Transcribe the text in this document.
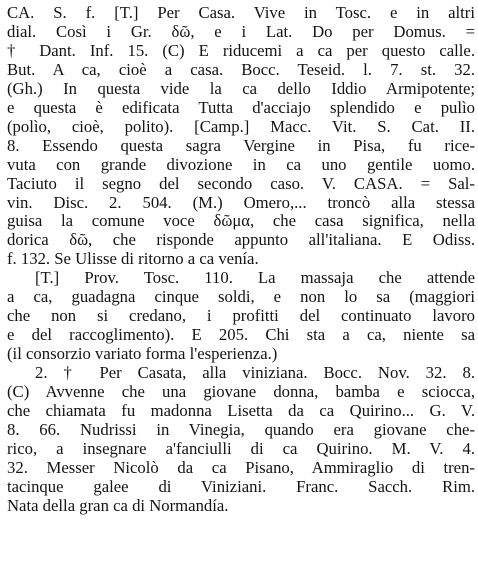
CA. S. f. [T.] Per Casa. Vive in Tosc. e in altri
dial. Così i Gr. δῶ, e i Lat. Do per Domus. =
† Dant. Inf. 15. (C) E riducemi a ca per questo calle.
But. A ca, cioè a casa. Bocc. Teseid. l. 7. st. 32.
(Gh.) In questa vide la ca dello Iddio Armipotente;
e questa è edificata Tutta d'acciajo splendido e pulìo
(polìo, cioè, polito). [Camp.] Macc. Vit. S. Cat. II.
8. Essendo questa sagra Vergine in Pisa, fu rice-
vuta con grande divozione in ca uno gentile uomo.
Taciuto il segno del secondo caso. V. CASA. = Sal-
vin. Disc. 2. 504. (M.) Omero,... troncò alla stessa
guisa la comune voce δῶμα, che casa significa, nella
dorica δῶ, che risponde appunto all'italiana. E Odiss.
f. 132. Se Ulisse di ritorno a ca venía.
[T.] Prov. Tosc. 110. La massaja che attende
a ca, guadagna cinque soldi, e non lo sa (maggiori
che non si credano, i profitti del continuato lavoro
e del raccoglimento). E 205. Chi sta a ca, niente sa
(il consorzio variato forma l'esperienza.)
2. † Per Casata, alla viniziana. Bocc. Nov. 32. 8.
(C) Avvenne che una giovane donna, bamba e sciocca,
che chiamata fu madonna Lisetta da ca Quirino... G. V.
8. 66. Nudrissi in Vinegia, quando era giovane che-
rico, a insegnare a'fanciulli di ca Quirino. M. V. 4.
32. Messer Nicolò da ca Pisano, Ammiraglio di tren-
tacinque galee di Viniziani. Franc. Sacch. Rim.
Nata della gran ca di Normandía.
